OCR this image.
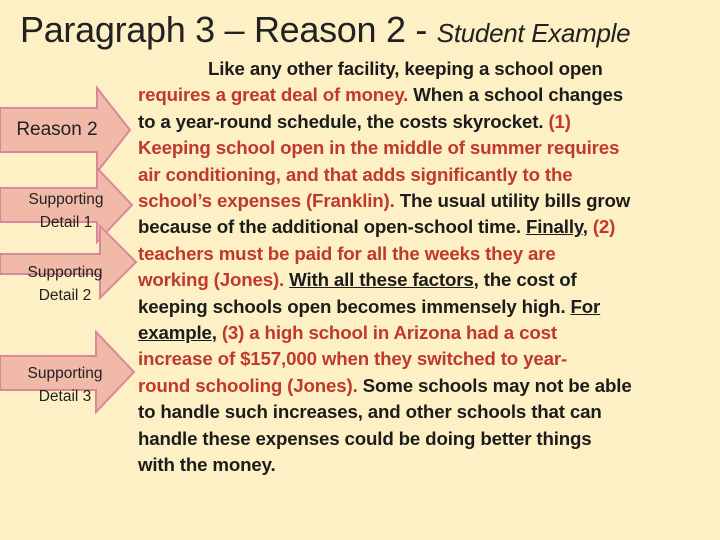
Paragraph 3 – Reason 2 - Student Example
Reason 2
Supporting
Detail 1
Supporting
Detail 2
Supporting
Detail 3
Like any other facility, keeping a school open
requires a great deal of money. When a school changes
to a year-round schedule, the costs skyrocket. (1)
Keeping school open in the middle of summer requires
air conditioning, and that adds significantly to the
school’s expenses (Franklin). The usual utility bills grow
because of the additional open-school time. Finally, (2)
teachers must be paid for all the weeks they are
working (Jones). With all these factors, the cost of
keeping schools open becomes immensely high. For
example, (3) a high school in Arizona had a cost
increase of $157,000 when they switched to year-
round schooling (Jones). Some schools may not be able
to handle such increases, and other schools that can
handle these expenses could be doing better things
with the money.
